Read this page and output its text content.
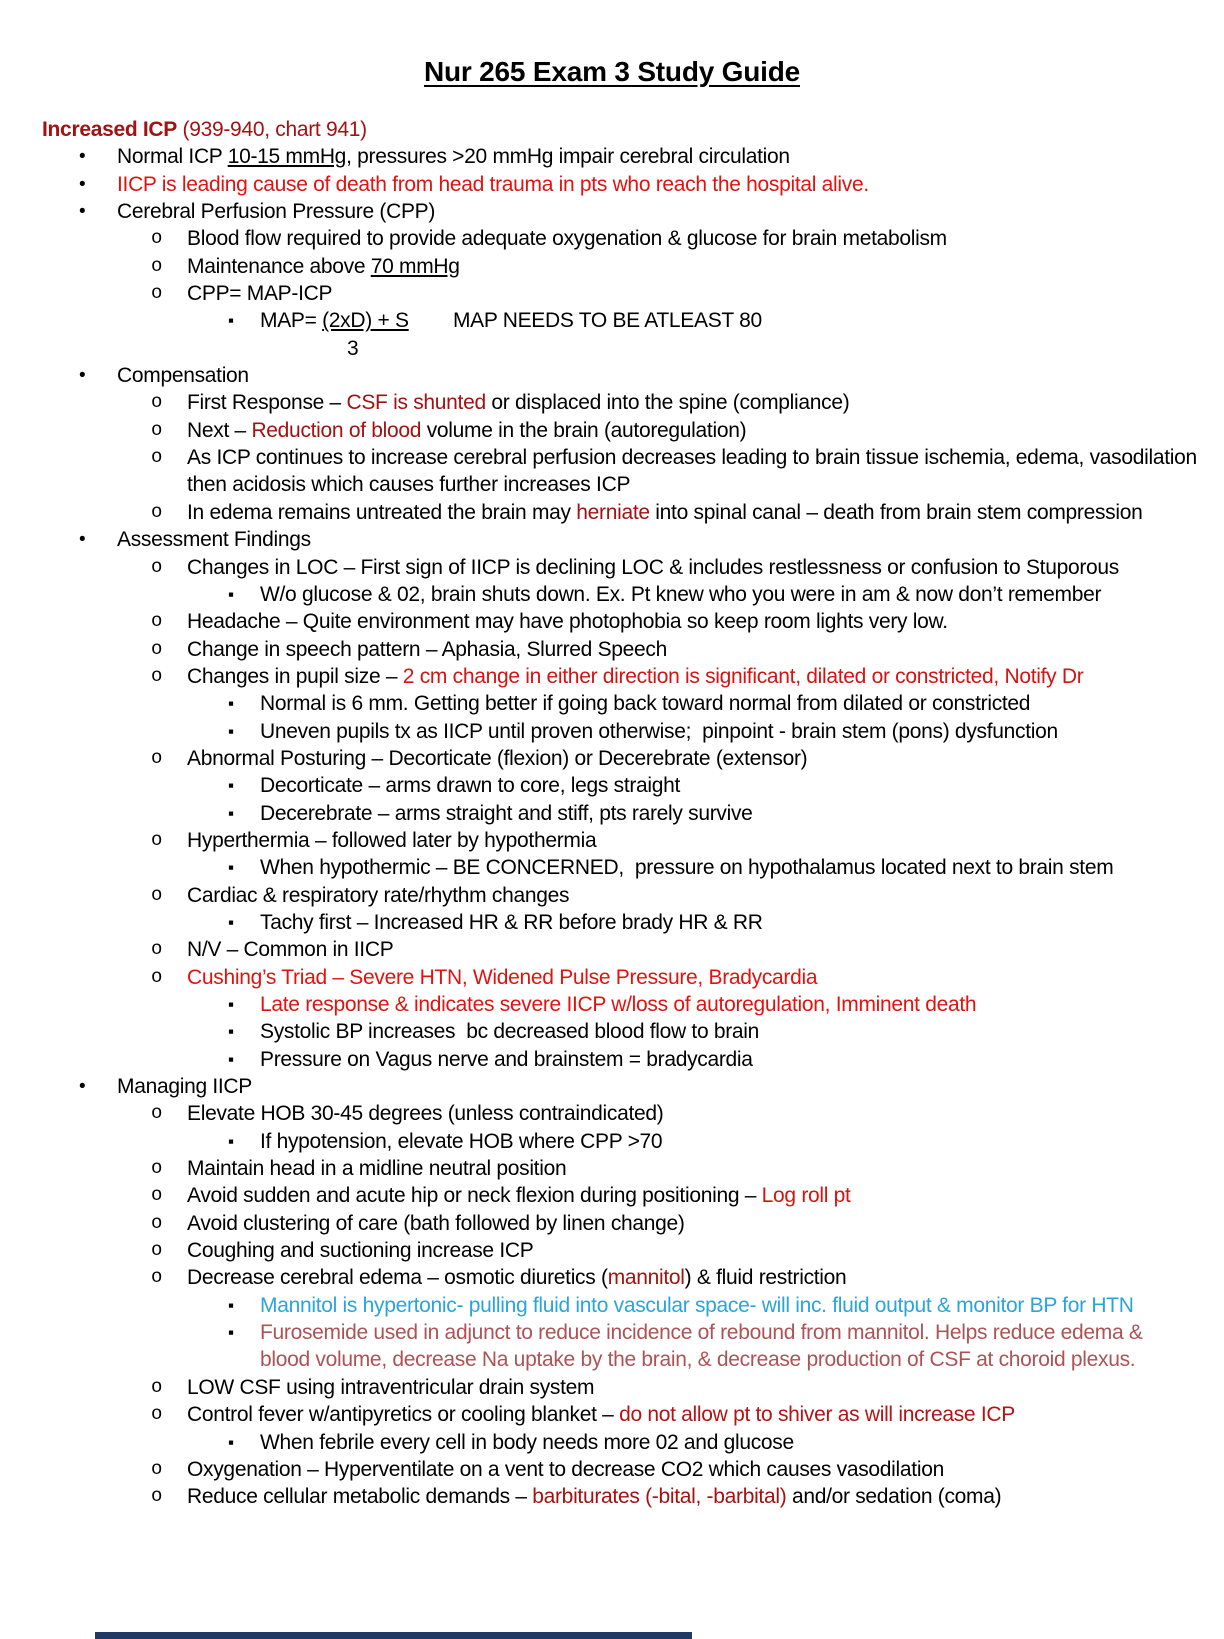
Nur 265 Exam 3 Study Guide
Increased ICP (939-940, chart 941)
• Normal ICP 10-15 mmHg, pressures >20 mmHg impair cerebral circulation
• IICP is leading cause of death from head trauma in pts who reach the hospital alive.
• Cerebral Perfusion Pressure (CPP)
o Blood flow required to provide adequate oxygenation & glucose for brain metabolism
o Maintenance above 70 mmHg
o CPP= MAP-ICP
▪ MAP= (2xD) + S        MAP NEEDS TO BE ATLEAST 80
3
• Compensation
o First Response – CSF is shunted or displaced into the spine (compliance)
o Next – Reduction of blood volume in the brain (autoregulation)
o As ICP continues to increase cerebral perfusion decreases leading to brain tissue ischemia, edema, vasodilation
then acidosis which causes further increases ICP
o In edema remains untreated the brain may herniate into spinal canal – death from brain stem compression
• Assessment Findings
o Changes in LOC – First sign of IICP is declining LOC & includes restlessness or confusion to Stuporous
▪ W/o glucose & 02, brain shuts down. Ex. Pt knew who you were in am & now don’t remember
o Headache – Quite environment may have photophobia so keep room lights very low.
o Change in speech pattern – Aphasia, Slurred Speech
o Changes in pupil size – 2 cm change in either direction is significant, dilated or constricted, Notify Dr
▪ Normal is 6 mm. Getting better if going back toward normal from dilated or constricted
▪ Uneven pupils tx as IICP until proven otherwise;  pinpoint - brain stem (pons) dysfunction
o Abnormal Posturing – Decorticate (flexion) or Decerebrate (extensor)
▪ Decorticate – arms drawn to core, legs straight
▪ Decerebrate – arms straight and stiff, pts rarely survive
o Hyperthermia – followed later by hypothermia
▪ When hypothermic – BE CONCERNED,  pressure on hypothalamus located next to brain stem
o Cardiac & respiratory rate/rhythm changes
▪ Tachy first – Increased HR & RR before brady HR & RR
o N/V – Common in IICP
o Cushing’s Triad – Severe HTN, Widened Pulse Pressure, Bradycardia
▪ Late response & indicates severe IICP w/loss of autoregulation, Imminent death
▪ Systolic BP increases  bc decreased blood flow to brain
▪ Pressure on Vagus nerve and brainstem = bradycardia
• Managing IICP
o Elevate HOB 30-45 degrees (unless contraindicated)
▪ If hypotension, elevate HOB where CPP >70
o Maintain head in a midline neutral position
o Avoid sudden and acute hip or neck flexion during positioning – Log roll pt
o Avoid clustering of care (bath followed by linen change)
o Coughing and suctioning increase ICP
o Decrease cerebral edema – osmotic diuretics (mannitol) & fluid restriction
▪ Mannitol is hypertonic- pulling fluid into vascular space- will inc. fluid output & monitor BP for HTN
▪ Furosemide used in adjunct to reduce incidence of rebound from mannitol. Helps reduce edema &
blood volume, decrease Na uptake by the brain, & decrease production of CSF at choroid plexus.
o LOW CSF using intraventricular drain system
o Control fever w/antipyretics or cooling blanket – do not allow pt to shiver as will increase ICP
▪ When febrile every cell in body needs more 02 and glucose
o Oxygenation – Hyperventilate on a vent to decrease CO2 which causes vasodilation
o Reduce cellular metabolic demands – barbiturates (-bital, -barbital) and/or sedation (coma)
